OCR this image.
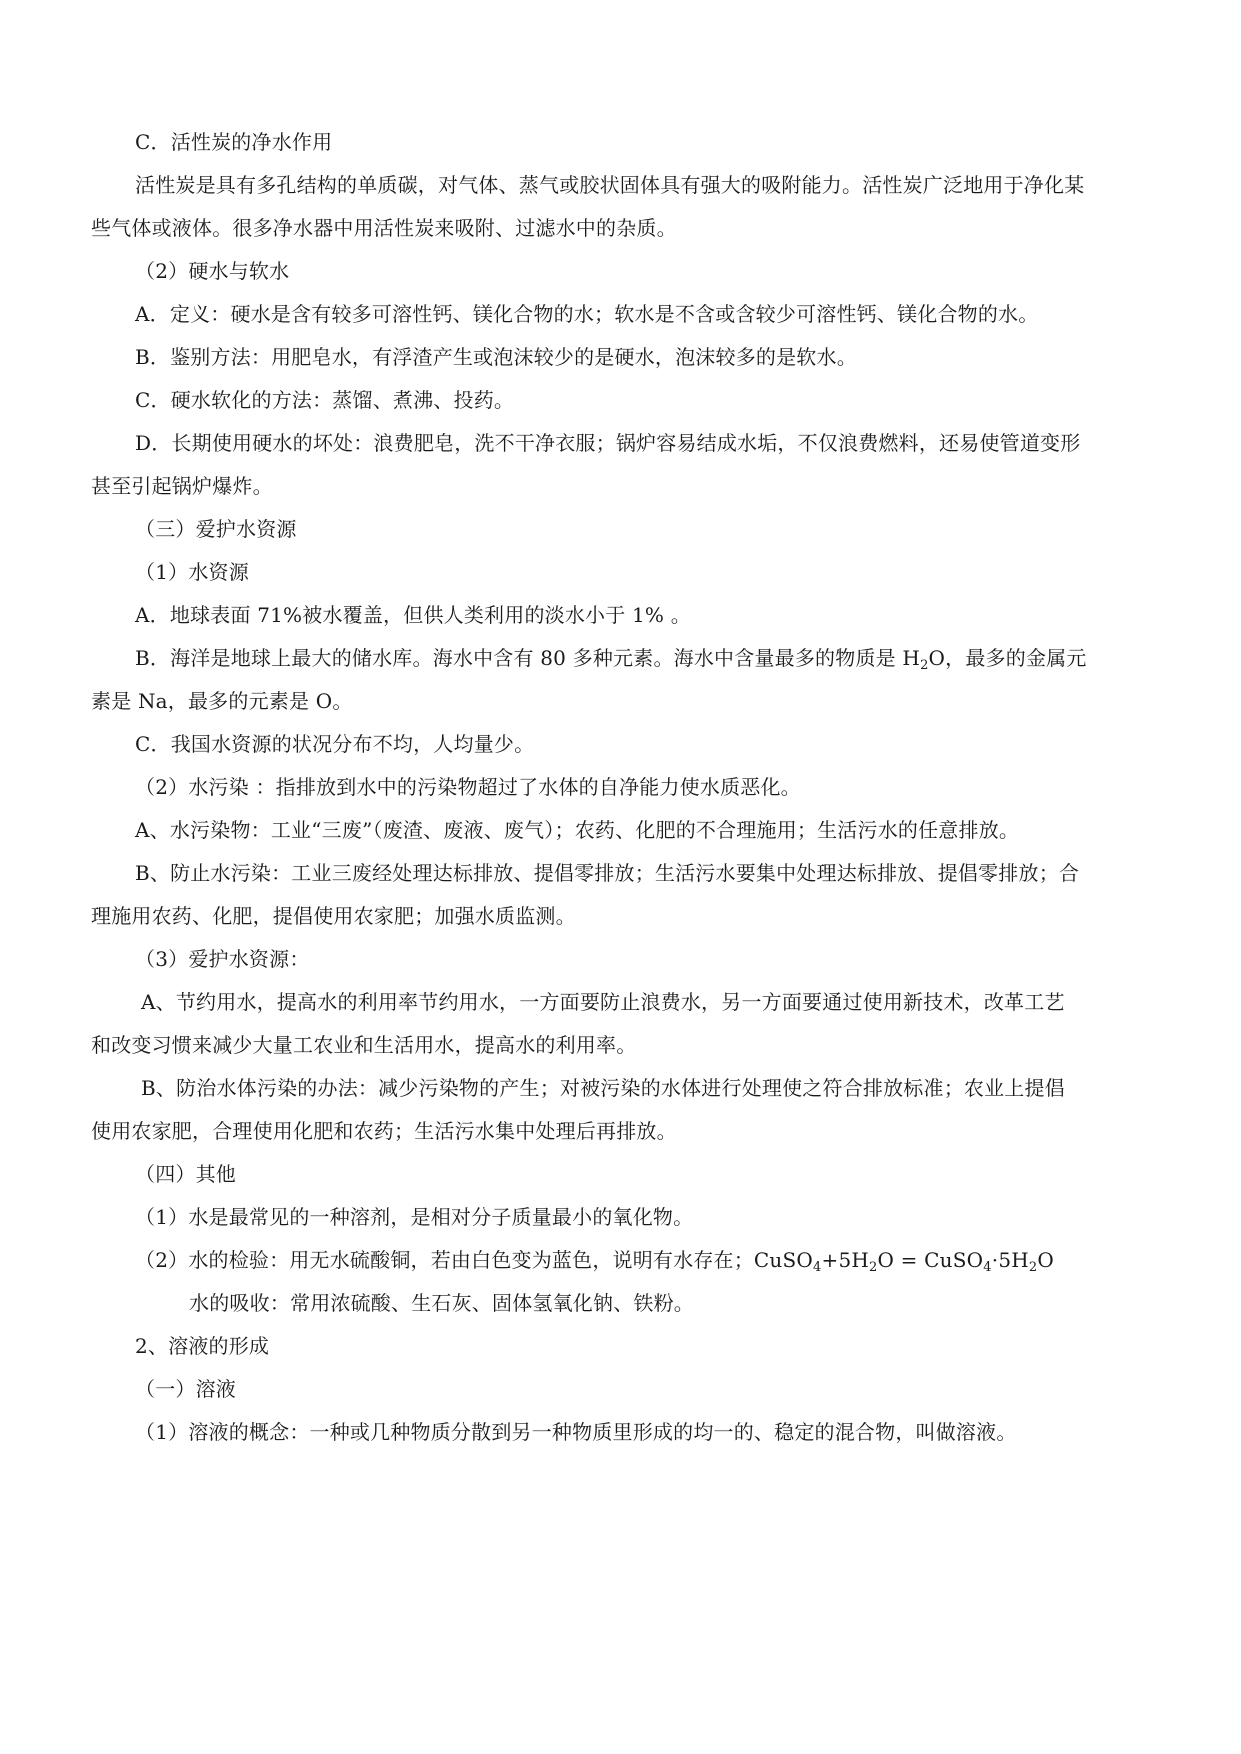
C．活性炭的净水作用
活性炭是具有多孔结构的单质碳，对气体、蒸气或胶状固体具有强大的吸附能力。活性炭广泛地用于净化某
些气体或液体。很多净水器中用活性炭来吸附、过滤水中的杂质。
（2）硬水与软水
A．定义：硬水是含有较多可溶性钙、镁化合物的水；软水是不含或含较少可溶性钙、镁化合物的水。
B．鉴别方法：用肥皂水，有浮渣产生或泡沫较少的是硬水，泡沫较多的是软水。
C．硬水软化的方法：蒸馏、煮沸、投药。
D．长期使用硬水的坏处：浪费肥皂，洗不干净衣服；锅炉容易结成水垢，不仅浪费燃料，还易使管道变形
甚至引起锅炉爆炸。
（三）爱护水资源
（1）水资源
A．地球表面 71%被水覆盖，但供人类利用的淡水小于 1% 。
B．海洋是地球上最大的储水库。海水中含有 80 多种元素。海水中含量最多的物质是 $H_2O$，最多的金属元
素是 Na，最多的元素是 O。
C．我国水资源的状况分布不均，人均量少。
（2）水污染 ：指排放到水中的污染物超过了水体的自净能力使水质恶化。
A、水污染物：工业“三废”（废渣、废液、废气）；农药、化肥的不合理施用；生活污水的任意排放。
B、防止水污染：工业三废经处理达标排放、提倡零排放；生活污水要集中处理达标排放、提倡零排放；合
理施用农药、化肥，提倡使用农家肥；加强水质监测。
（3）爱护水资源：
A、节约用水，提高水的利用率节约用水，一方面要防止浪费水，另一方面要通过使用新技术，改革工艺
和改变习惯来减少大量工农业和生活用水，提高水的利用率。
B、防治水体污染的办法：减少污染物的产生；对被污染的水体进行处理使之符合排放标准；农业上提倡
使用农家肥，合理使用化肥和农药；生活污水集中处理后再排放。
（四）其他
（1）水是最常见的一种溶剂，是相对分子质量最小的氧化物。
（2）水的检验：用无水硫酸铜，若由白色变为蓝色，说明有水存在；$CuSO_4+5H_2O$ = $CuSO_4\cdot 5H_2O$
水的吸收：常用浓硫酸、生石灰、固体氢氧化钠、铁粉。
2、溶液的形成
（一）溶液
（1）溶液的概念：一种或几种物质分散到另一种物质里形成的均一的、稳定的混合物，叫做溶液。
